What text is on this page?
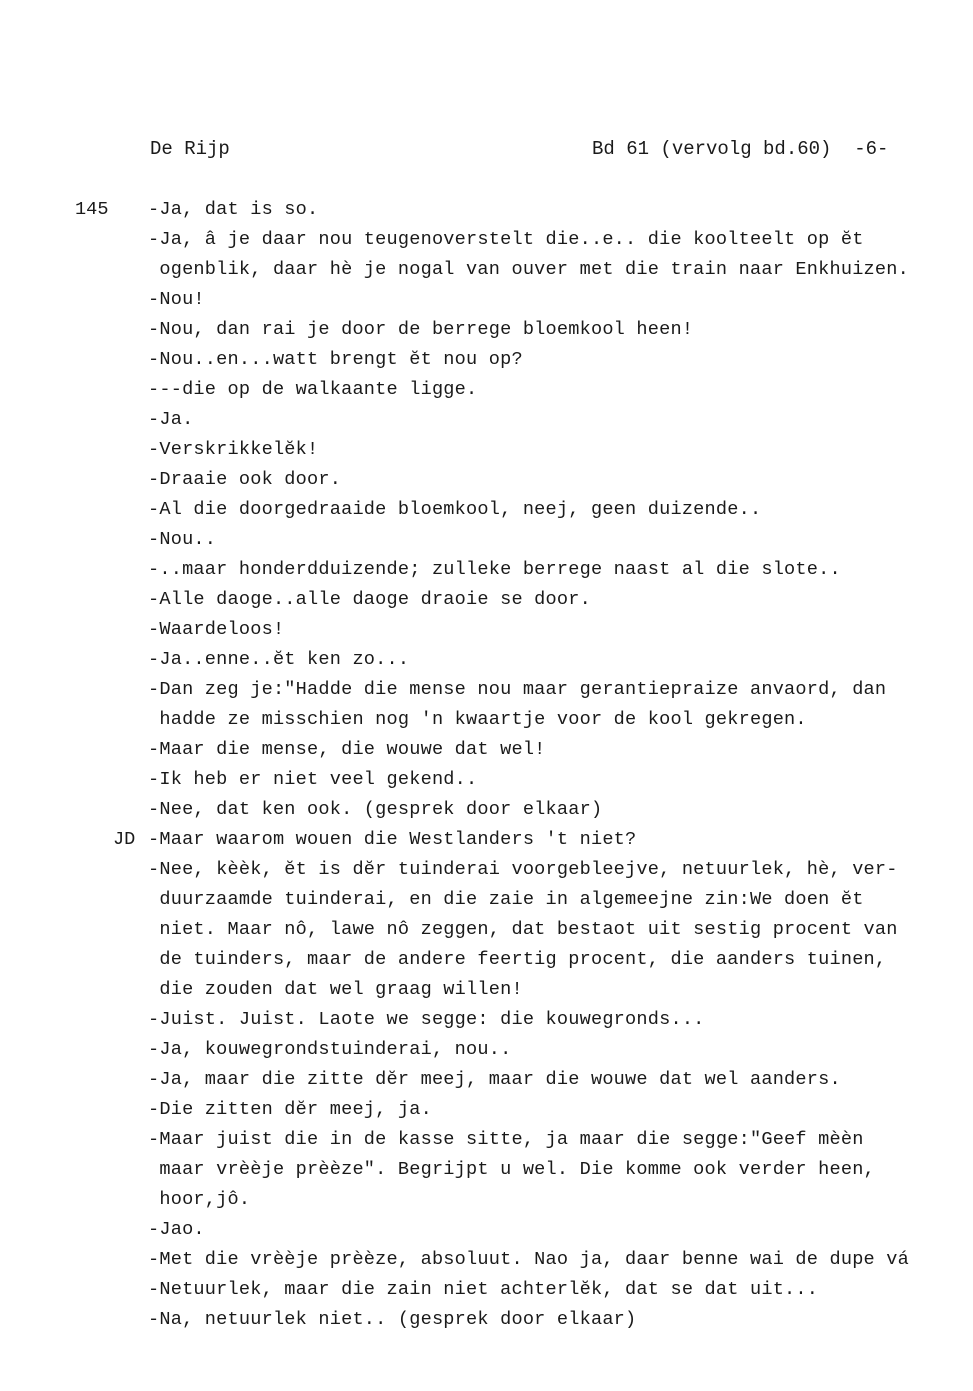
De Rijp	Bd 61 (vervolg bd.60)  -6-
145
JD
-Ja, dat is so.
-Ja, â je daar nou teugenoverstelt die..e.. die koolteelt op ĕt
ogenblik, daar hè je nogal van ouver met die train naar Enkhuizen.
-Nou!
-Nou, dan rai je door de berrege bloemkool heen!
-Nou..en...watt brengt ĕt nou op?
---die op de walkaante ligge.
-Ja.
-Verskrikkelĕk!
-Draaie ook door.
-Al die doorgedraaide bloemkool, neej, geen duizende..
-Nou..
-..maar honderdduizende; zulleke berrege naast al die slote..
-Alle daoge..alle daoge draoie se door.
-Waardeloos!
-Ja..enne..ĕt ken zo...
-Dan zeg je:"Hadde die mense nou maar gerantiepraize anvaord, dan
hadde ze misschien nog 'n kwaartje voor de kool gekregen.
-Maar die mense, die wouwe dat wel!
-Ik heb er niet veel gekend..
-Nee, dat ken ook. (gesprek door elkaar)
-Maar waarom wouen die Westlanders 't niet?
-Nee, kèèk, ĕt is dĕr tuinderai voorgebleejve, netuurlek, hè, ver-
duurzaamde tuinderai, en die zaie in algemeejne zin:We doen ĕt
niet. Maar nô, lawe nô zeggen, dat bestaot uit sestig procent van
de tuinders, maar de andere feertig procent, die aanders tuinen,
die zouden dat wel graag willen!
-Juist. Juist. Laote we segge: die kouwegronds...
-Ja, kouwegrondstuinderai, nou..
-Ja, maar die zitte dĕr meej, maar die wouwe dat wel aanders.
-Die zitten dĕr meej, ja.
-Maar juist die in de kasse sitte, ja maar die segge:"Geef mèèn
maar vrèèje prèèze". Begrijpt u wel. Die komme ook verder heen,
hoor,jô.
-Jao.
-Met die vrèèje prèèze, absoluut. Nao ja, daar benne wai de dupe vá
-Netuurlek, maar die zain niet achterlĕk, dat se dat uit...
-Na, netuurlek niet.. (gesprek door elkaar)
